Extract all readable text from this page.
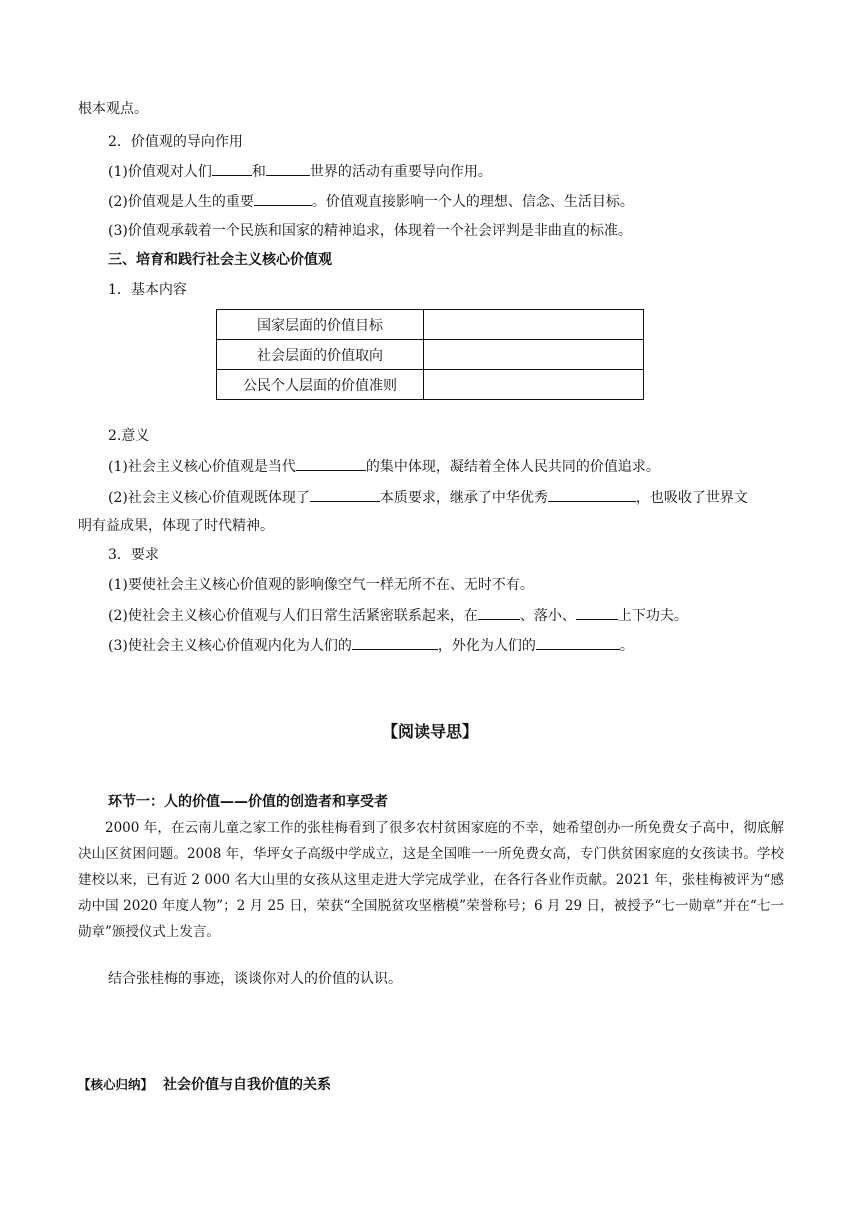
根本观点。
2．价值观的导向作用
(1)价值观对人们	和	世界的活动有重要导向作用。
(2)价值观是人生的重要	。价值观直接影响一个人的理想、信念、生活目标。
(3)价值观承载着一个民族和国家的精神追求，体现着一个社会评判是非曲直的标准。
三、培育和践行社会主义核心价值观
1．基本内容
国家层面的价值目标	
社会层面的价值取向	
公民个人层面的价值准则	
2.意义
(1)社会主义核心价值观是当代	的集中体现，凝结着全体人民共同的价值追求。
(2)社会主义核心价值观既体现了	本质要求，继承了中华优秀	，也吸收了世界文
明有益成果，体现了时代精神。
3．要求
(1)要使社会主义核心价值观的影响像空气一样无所不在、无时不有。
(2)使社会主义核心价值观与人们日常生活紧密联系起来，在	、落小、	上下功夫。
(3)使社会主义核心价值观内化为人们的	，外化为人们的	。
【阅读导思】
环节一：人的价值——价值的创造者和享受者
2000 年，在云南儿童之家工作的张桂梅看到了很多农村贫困家庭的不幸，她希望创办一所免费女子高中，彻底解决山区贫困问题。2008 年，华坪女子高级中学成立，这是全国唯一一所免费女高，专门供贫困家庭的女孩读书。学校建校以来，已有近 2 000 名大山里的女孩从这里走进大学完成学业，在各行各业作贡献。2021 年，张桂梅被评为“感动中国 2020 年度人物”；2 月 25 日，荣获“全国脱贫攻坚楷模”荣誉称号；6 月 29 日，被授予“七一勋章”并在“七一勋章”颁授仪式上发言。
结合张桂梅的事迹，谈谈你对人的价值的认识。
【核心归纳】 社会价值与自我价值的关系
